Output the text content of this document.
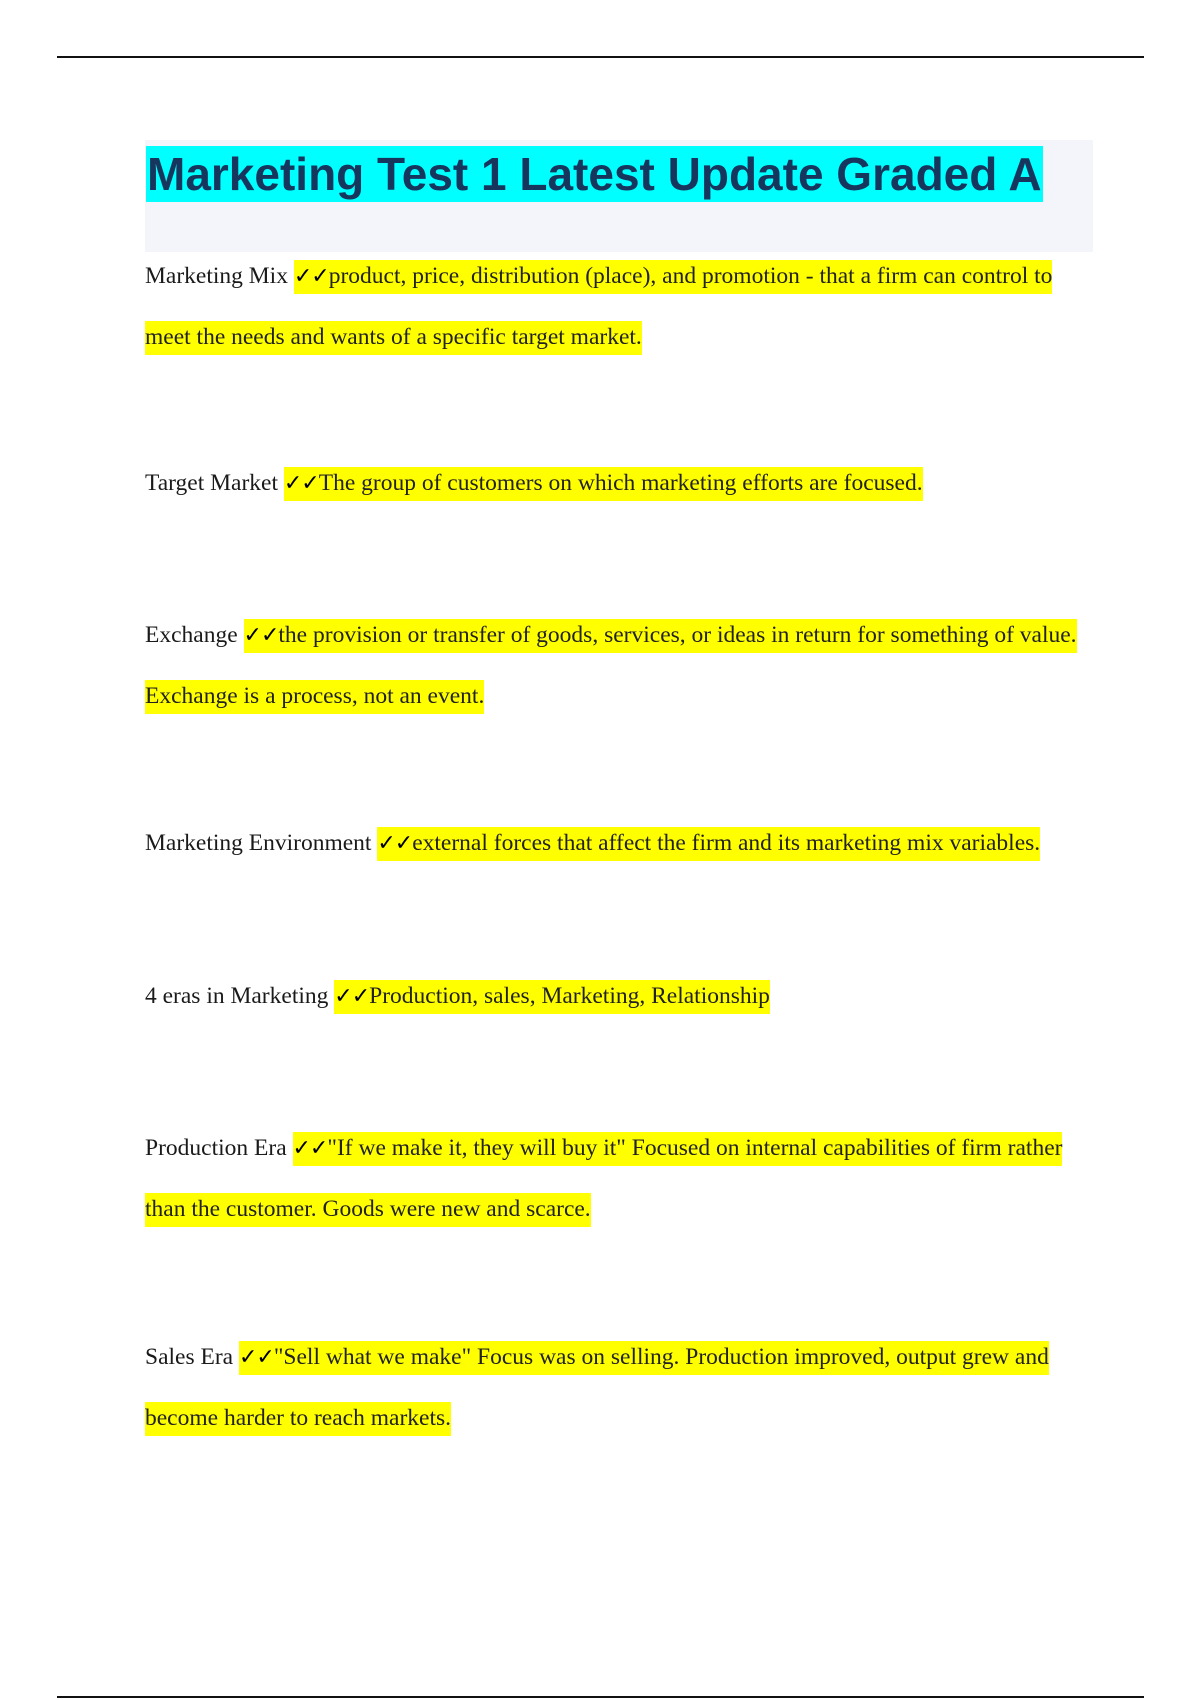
Marketing Test 1 Latest Update Graded A

Marketing Mix ✓✓product, price, distribution (place), and promotion - that a firm can control to meet the needs and wants of a specific target market.

Target Market ✓✓The group of customers on which marketing efforts are focused.

Exchange ✓✓the provision or transfer of goods, services, or ideas in return for something of value. Exchange is a process, not an event.

Marketing Environment ✓✓external forces that affect the firm and its marketing mix variables.

4 eras in Marketing ✓✓Production, sales, Marketing, Relationship

Production Era ✓✓"If we make it, they will buy it" Focused on internal capabilities of firm rather than the customer. Goods were new and scarce.

Sales Era ✓✓"Sell what we make" Focus was on selling. Production improved, output grew and become harder to reach markets.
